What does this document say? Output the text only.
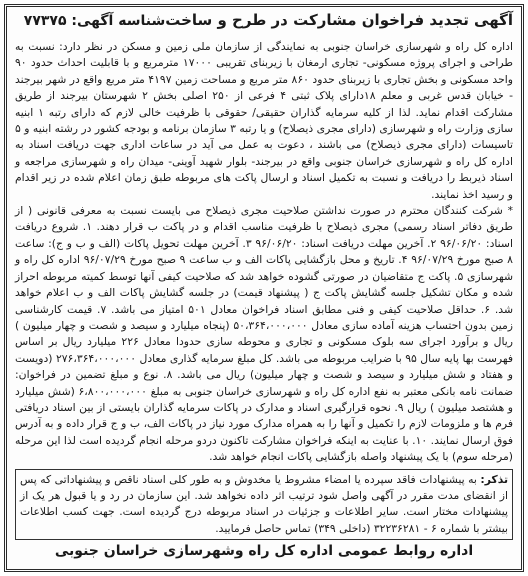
آگهی تجدید فراخوان مشارکت در طرح و ساخت
شناسه آگهی: ۷۷۳۷۵

اداره کل راه و شهرسازی خراسان جنوبی به نمایندگی از سازمان ملی زمین و مسکن در نظر دارد: نسبت به طراحی و اجرای پروژه مسکونی- تجاری ارمغان با زیربنای تقریبی ۱۷۰۰۰ مترمربع و با قابلیت احداث حدود ۹۰ واحد مسکونی و بخش تجاری با زیربنای حدود ۸۶۰ متر مربع و مساحت زمین ۴۱۹۷ متر مربع واقع در شهر بیرجند - خیابان قدس غربی و معلم ۱۸دارای پلاک ثبتی ۴ فرعی از ۲۵۰ اصلی بخش ۲ شهرستان بیرجند از طریق مشارکت اقدام نماید. لذا از کلیه سرمایه گذاران حقیقی/ حقوقی با ظرفیت خالی لازم که دارای رتبه ۱ ابنیه سازی وزارت راه و شهرسازی (دارای مجری ذیصلاح) و یا رتبه ۳ سازمان برنامه و بودجه کشور در رشته ابنیه و ۵ تاسیسات (دارای مجری ذیصلاح) می باشند ، دعوت به عمل می آید در ساعات اداری جهت دریافت اسناد به اداره کل راه و شهرسازی خراسان جنوبی واقع در بیرجند- بلوار شهید آوینی- میدان راه و شهرسازی مراجعه و اسناد ذیربط را دریافت و نسبت به تکمیل اسناد و ارسال پاکت های مربوطه طبق زمان اعلام شده در زیر اقدام و رسید اخذ نمایند.

* شرکت کنندگان محترم در صورت نداشتن صلاحیت مجری ذیصلاح می بایست نسبت به معرفی قانونی ( از طریق دفاتر اسناد رسمی) مجری ذیصلاح با ظرفیت مناسب اقدام و در پاکت ب قرار دهند. ۱. شروع دریافت اسناد: ۹۶/۰۶/۲۰ ۲. آخرین مهلت دریافت اسناد: ۹۶/۰۶/۲۰ ۳. آخرین مهلت تحویل پاکات (الف و ب و ج): ساعت ۸ صبح مورخ ۹۶/۰۷/۲۹ ۴. تاریخ و محل بازگشایی پاکات الف و ب ساعت ۹ صبح مورخ ۹۶/۰۷/۲۹ اداره کل راه و شهرسازی ۵. پاکت ج متقاضیان در صورتی گشوده خواهد شد که صلاحیت کیفی آنها توسط کمیته مربوطه احراز شده و مکان تشکیل جلسه گشایش پاکت ج ( پیشنهاد قیمت) در جلسه گشایش پاکات الف و ب اعلام خواهد شد. ۶. حداقل صلاحیت کیفی و فنی مطابق اسناد فراخوان معادل ۵۰۱ امتیاز می باشد. ۷. قیمت کارشناسی زمین بدون احتساب هزینه آماده سازی معادل ۵۰،۳۶۴،۰۰۰،۰۰۰ (پنجاه میلیارد و سیصد و شصت و چهار میلیون ) ریال و برآورد اجرای سه بلوک مسکونی و تجاری و محوطه سازی حدودا معادل ۲۲۶ میلیارد ریال بر اساس فهرست بها پایه سال ۹۵ با ضرایب مربوطه می باشد. کل مبلغ سرمایه گذاری معادل ۲۷۶،۳۶۴،۰۰۰،۰۰۰ (دویست و هفتاد و شش میلیارد و سیصد و شصت و چهار میلیون) ریال می باشد. ۸. نوع و مبلغ تضمین در فراخوان: ضمانت نامه بانکی معتبر به نفع اداره کل راه و شهرسازی خراسان جنوبی به مبلغ ۶،۸۰۰،۰۰۰،۰۰۰ (شش میلیارد و هشتصد میلیون ) ریال ۹. نحوه قرارگیری اسناد و مدارک در پاکات سرمایه گذاران بایستی از بین اسناد دریافتی فرم ها و ملزومات لازم را تکمیل و آنها را به همراه مدارک مورد نیاز در پاکات الف، ب و ج قرار داده و به آدرس فوق ارسال نمایند. ۱۰. با عنایت به اینکه فراخوان مشارکت تاکنون دردو مرحله انجام گردیده است لذا این مرحله (مرحله سوم) با یک پیشنهاد واصله بازگشایی پاکات انجام خواهد شد.

تذکر: به پیشنهادات فاقد سپرده یا امضاء مشروط یا مخدوش و به طور کلی اسناد ناقص و پیشنهاداتی که پس از انقضای مدت مقرر در آگهی واصل شود ترتیب اثر داده نخواهد شد. این سازمان در رد و یا قبول هر یک از پیشنهادات مختار است. سایر اطلاعات و جزئیات در اسناد مربوطه درج گردیده است. جهت کسب اطلاعات بیشتر با شماره ۶ - ۳۲۲۳۶۲۸۱ (داخلی ۳۴۹) تماس حاصل فرمایید.
اداره روابط عمومی اداره کل راه وشهرسازی خراسان جنوبی
